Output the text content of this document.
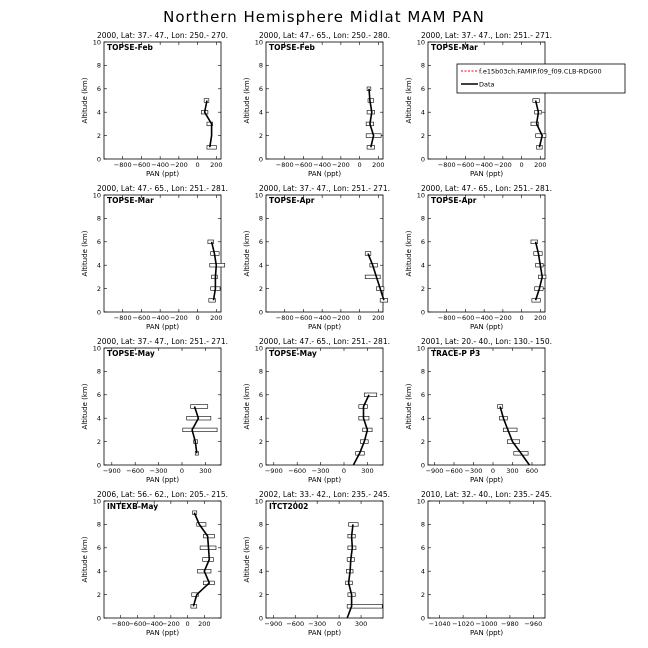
Northern Hemisphere Midlat MAM PAN
2000, Lat: 37.- 47., Lon: 250.- 270.
0
2
4
6
8
10
−800 −600 −400 −200 0 200
PAN (ppt)
Altitude (km)
TOPSE-Feb
2000, Lat: 47.- 65., Lon: 250.- 280.
0
2
4
6
8
10
−800 −600 −400 −200 0 200
PAN (ppt)
Altitude (km)
TOPSE-Feb
2000, Lat: 37.- 47., Lon: 251.- 271.
0
2
4
6
8
10
−800 −600 −400 −200 0 200
PAN (ppt)
Altitude (km)
TOPSE-Mar
2000, Lat: 47.- 65., Lon: 251.- 281.
0
2
4
6
8
10
−800 −600 −400 −200 0 200
PAN (ppt)
Altitude (km)
TOPSE-Mar
2000, Lat: 37.- 47., Lon: 251.- 271.
0
2
4
6
8
10
−800 −600 −400 −200 0 200
PAN (ppt)
Altitude (km)
TOPSE-Apr
2000, Lat: 47.- 65., Lon: 251.- 281.
0
2
4
6
8
10
−800 −600 −400 −200 0 200
PAN (ppt)
Altitude (km)
TOPSE-Apr
2000, Lat: 37.- 47., Lon: 251.- 271.
0
2
4
6
8
10
−900 −600 −300 0 300
PAN (ppt)
Altitude (km)
TOPSE-May
2000, Lat: 47.- 65., Lon: 251.- 281.
0
2
4
6
8
10
−900 −600 −300 0 300
PAN (ppt)
Altitude (km)
TOPSE-May
2001, Lat: 20.- 40., Lon: 130.- 150.
0
2
4
6
8
10
−900 −600 −300 0 300 600
PAN (ppt)
Altitude (km)
TRACE-P P3
2006, Lat: 56.- 62., Lon: 205.- 215.
0
2
4
6
8
10
−800
−600
−400
−200 0 200
PAN (ppt)
Altitude (km)
INTEXB-May
2002, Lat: 33.- 42., Lon: 235.- 245.
0
2
4
6
8
10
−900 −600 −300 0 300
PAN (ppt)
Altitude (km)
ITCT2002
2010, Lat: 32.- 40., Lon: 235.- 245.
0
2
4
6
8
10
−1040 −1020 −1000 −980 −960
PAN (ppt)
f.e15b03ch.FAMIP.f09_f09.CLB-RDG00
Data
